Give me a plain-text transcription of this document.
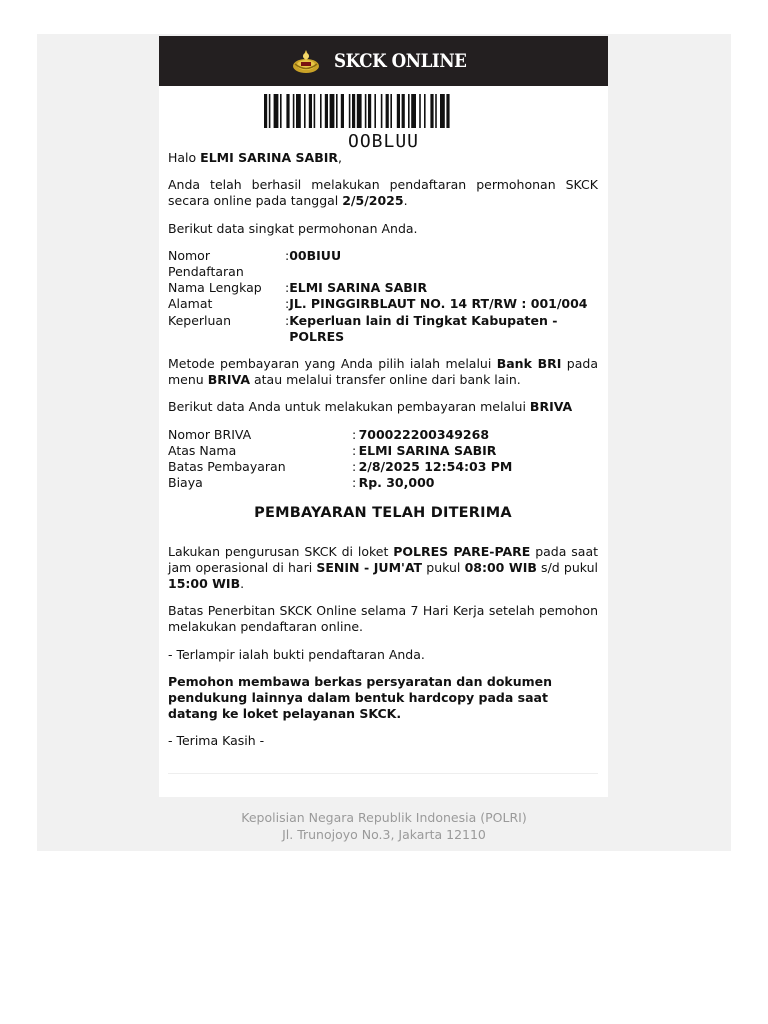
SKCK ONLINE
OOBLUU

Halo ELMI SARINA SABIR,

Anda telah berhasil melakukan pendaftaran permohonan SKCK secara online pada tanggal 2/5/2025.

Berikut data singkat permohonan Anda.

Nomor Pendaftaran	:	00BIUU
Nama Lengkap	:	ELMI SARINA SABIR
Alamat	:	JL. PINGGIRBLAUT NO. 14 RT/RW : 001/004
Keperluan	:	Keperluan lain di Tingkat Kabupaten - POLRES

Metode pembayaran yang Anda pilih ialah melalui Bank BRI pada menu BRIVA atau melalui transfer online dari bank lain.

Berikut data Anda untuk melakukan pembayaran melalui BRIVA

Nomor BRIVA	:	700022200349268
Atas Nama	:	ELMI SARINA SABIR
Batas Pembayaran	:	2/8/2025 12:54:03 PM
Biaya	:	Rp. 30,000
PEMBAYARAN TELAH DITERIMA

Lakukan pengurusan SKCK di loket POLRES PARE-PARE pada saat jam operasional di hari SENIN - JUM'AT pukul 08:00 WIB s/d pukul 15:00 WIB.

Batas Penerbitan SKCK Online selama 7 Hari Kerja setelah pemohon melakukan pendaftaran online.

- Terlampir ialah bukti pendaftaran Anda.

Pemohon membawa berkas persyaratan dan dokumen pendukung lainnya dalam bentuk hardcopy pada saat datang ke loket pelayanan SKCK.

- Terima Kasih -

Kepolisian Negara Republik Indonesia (POLRI)
Jl. Trunojoyo No.3, Jakarta 12110
